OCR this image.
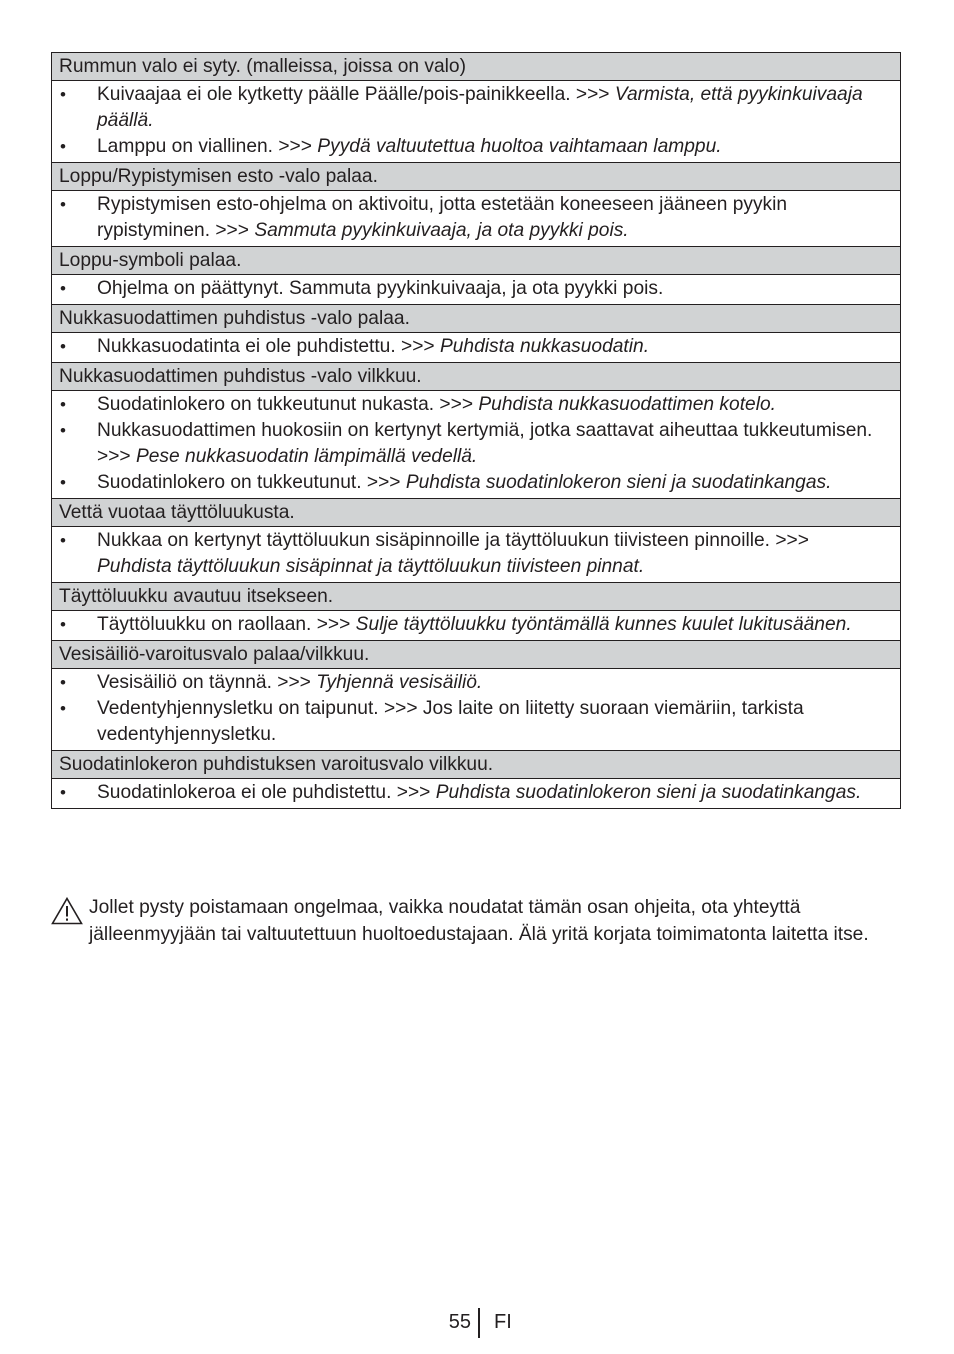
Rummun valo ei syty. (malleissa, joissa on valo)

•	Kuivaajaa ei ole kytketty päälle Päälle/pois-painikkeella. >>> Varmista, että pyykinkuivaaja päällä.
•	Lamppu on viallinen. >>> Pyydä valtuutettua huoltoa vaihtamaan lamppu.

Loppu/Rypistymisen esto -valo palaa.

•	Rypistymisen esto-ohjelma on aktivoitu, jotta estetään koneeseen jääneen pyykin rypistyminen. >>> Sammuta pyykinkuivaaja, ja ota pyykki pois.

Loppu-symboli palaa.

•	Ohjelma on päättynyt. Sammuta pyykinkuivaaja, ja ota pyykki pois.

Nukkasuodattimen puhdistus -valo palaa.

•	Nukkasuodatinta ei ole puhdistettu. >>> Puhdista nukkasuodatin.

Nukkasuodattimen puhdistus -valo vilkkuu.

•	Suodatinlokero on tukkeutunut nukasta. >>> Puhdista nukkasuodattimen kotelo.
•	Nukkasuodattimen huokosiin on kertynyt kertymiä, jotka saattavat aiheuttaa tukkeutumisen. >>> Pese nukkasuodatin lämpimällä vedellä.
•	Suodatinlokero on tukkeutunut. >>> Puhdista suodatinlokeron sieni ja suodatinkangas.

Vettä vuotaa täyttöluukusta.

•	Nukkaa on kertynyt täyttöluukun sisäpinnoille ja täyttöluukun tiivisteen pinnoille. >>> Puhdista täyttöluukun sisäpinnat ja täyttöluukun tiivisteen pinnat.

Täyttöluukku avautuu itsekseen.

•	Täyttöluukku on raollaan. >>> Sulje täyttöluukku työntämällä kunnes kuulet lukitusäänen.

Vesisäiliö-varoitusvalo palaa/vilkkuu.

•	Vesisäiliö on täynnä. >>> Tyhjennä vesisäiliö.
•	Vedentyhjennysletku on taipunut. >>> Jos laite on liitetty suoraan viemäriin, tarkista vedentyhjennysletku.

Suodatinlokeron puhdistuksen varoitusvalo vilkkuu.

•	Suodatinlokeroa ei ole puhdistettu. >>> Puhdista suodatinlokeron sieni ja suodatinkangas.
Jollet pysty poistamaan ongelmaa, vaikka noudatat tämän osan ohjeita, ota yhteyttä jälleenmyyjään tai valtuutettuun huoltoedustajaan. Älä yritä korjata toimimatonta laitetta itse.
55 FI
